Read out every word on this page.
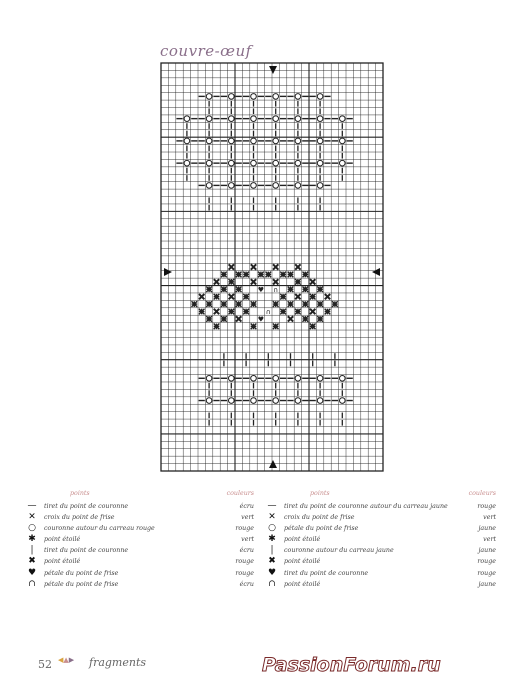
couvre-œuf
♥ ∩
∩
♥
points	couleurs
— tiret du point de couronne	écru
✕	croix du point de frise	vert
○	couronne autour du carreau rouge	rouge
✱	point étoilé	vert
|	tiret du point de couronne	écru
✖	point étoilé	rouge
♥	pétale du point de frise	rouge
∩	pétale du point de frise	écru
points	couleurs
— tiret du point de couronne autour du carreau jaune	rouge
✕	croix du point de frise	vert
○	pétale du point de frise	jaune
✱	point étoilé	vert
|	couronne autour du carreau jaune	jaune
✖	point étoilé	rouge
♥	tiret du point de couronne	rouge
∩	point étoilé	jaune
52 ◀▲▶ fragments	PassionForum.ru
